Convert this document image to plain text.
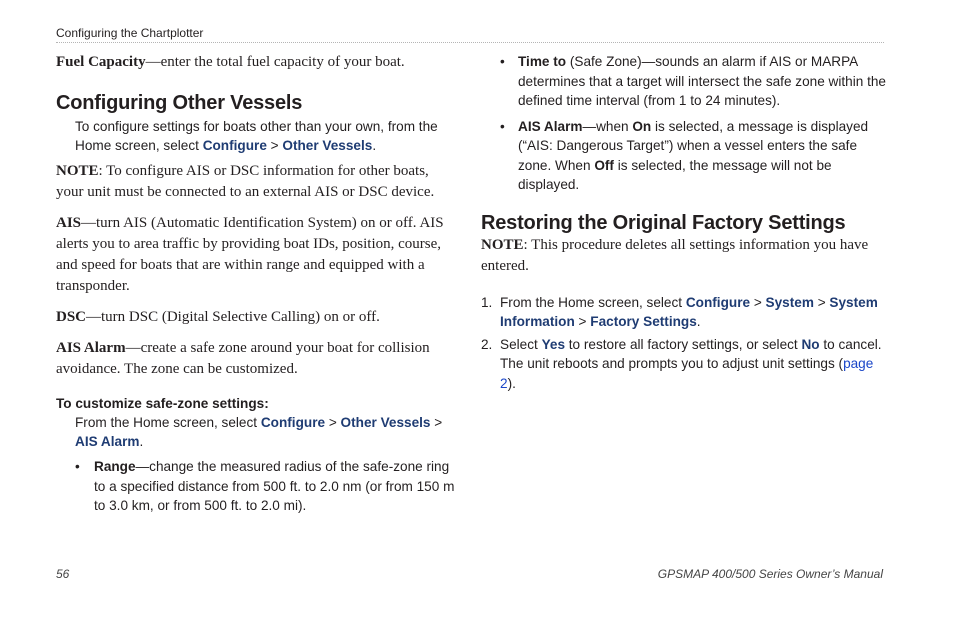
Configuring the Chartplotter

Fuel Capacity—enter the total fuel capacity of your boat.

Configuring Other Vessels

To configure settings for boats other than your own, from the Home screen, select Configure > Other Vessels.

NOTE: To configure AIS or DSC information for other boats, your unit must be connected to an external AIS or DSC device.

AIS—turn AIS (Automatic Identification System) on or off. AIS alerts you to area traffic by providing boat IDs, position, course, and speed for boats that are within range and equipped with a transponder.

DSC—turn DSC (Digital Selective Calling) on or off.

AIS Alarm—create a safe zone around your boat for collision avoidance. The zone can be customized.

To customize safe-zone settings:

From the Home screen, select Configure > Other Vessels > AIS Alarm.

• Range—change the measured radius of the safe-zone ring to a specified distance from 500 ft. to 2.0 nm (or from 150 m to 3.0 km, or from 500 ft. to 2.0 mi).
• Time to (Safe Zone)—sounds an alarm if AIS or MARPA determines that a target will intersect the safe zone within the defined time interval (from 1 to 24 minutes).
• AIS Alarm—when On is selected, a message is displayed (“AIS: Dangerous Target”) when a vessel enters the safe zone. When Off is selected, the message will not be displayed.
Restoring the Original Factory Settings

NOTE: This procedure deletes all settings information you have entered.

1. From the Home screen, select Configure > System > System Information > Factory Settings.
2. Select Yes to restore all factory settings, or select No to cancel. The unit reboots and prompts you to adjust unit settings (page 2).
56	GPSMAP 400/500 Series Owner’s Manual
